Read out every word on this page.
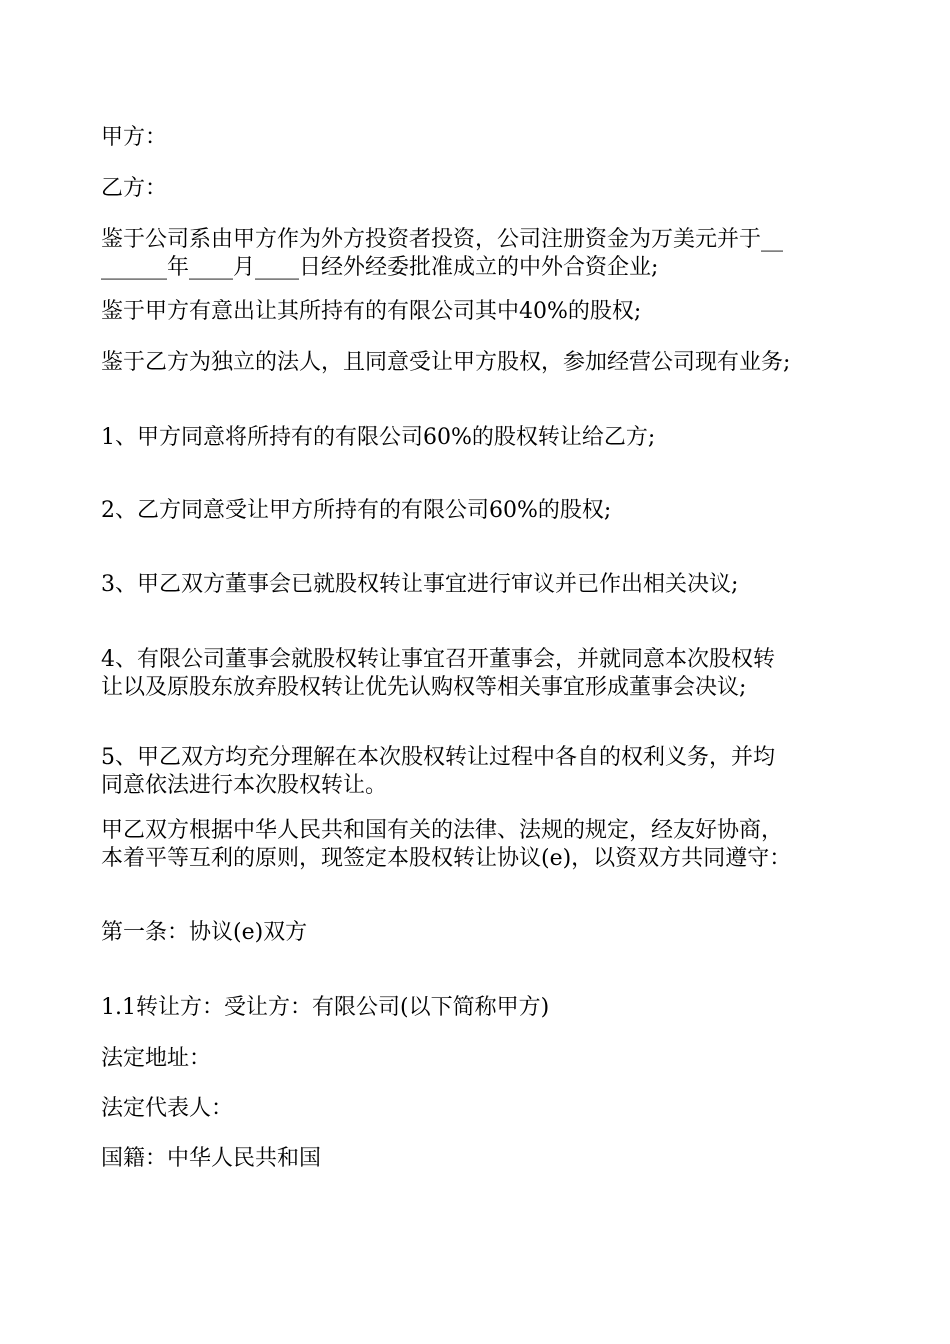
甲方：
乙方：
鉴于公司系由甲方作为外方投资者投资，公司注册资金为万美元并于__
______年____月____日经外经委批准成立的中外合资企业;
鉴于甲方有意出让其所持有的有限公司其中40%的股权;
鉴于乙方为独立的法人，且同意受让甲方股权，参加经营公司现有业务;
1、甲方同意将所持有的有限公司60%的股权转让给乙方;
2、乙方同意受让甲方所持有的有限公司60%的股权;
3、甲乙双方董事会已就股权转让事宜进行审议并已作出相关决议;
4、有限公司董事会就股权转让事宜召开董事会，并就同意本次股权转
让以及原股东放弃股权转让优先认购权等相关事宜形成董事会决议;
5、甲乙双方均充分理解在本次股权转让过程中各自的权利义务，并均
同意依法进行本次股权转让。
甲乙双方根据中华人民共和国有关的法律、法规的规定，经友好协商，
本着平等互利的原则，现签定本股权转让协议(e)，以资双方共同遵守：
第一条：协议(e)双方
1.1转让方：受让方：有限公司(以下简称甲方)
法定地址：
法定代表人：
国籍：中华人民共和国
